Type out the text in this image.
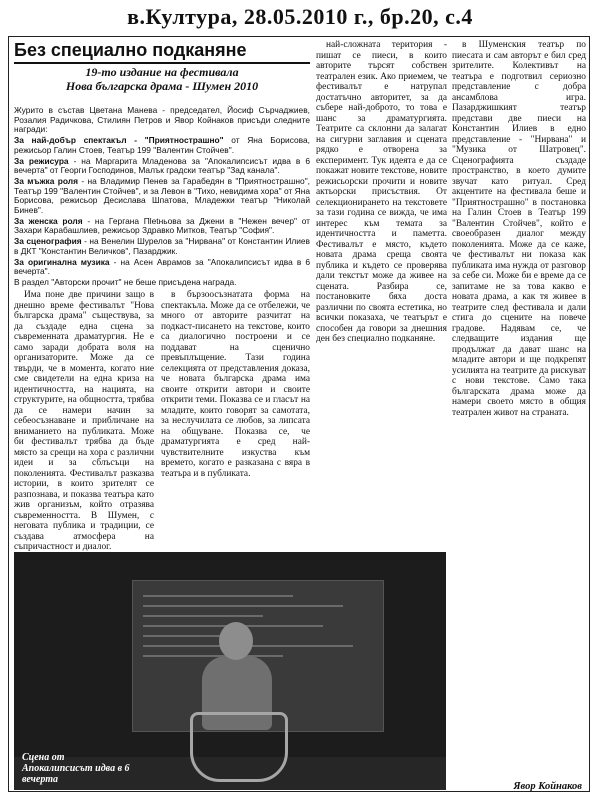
в.Култура, 28.05.2010 г., бр.20, с.4
Без специално подканяне
19-то издание на фестивала
Нова българска драма - Шумен 2010

Журито в състав Цветана Манева - председател, Йосиф Сърчаджиев, Розалия Радичкова, Стилиян Петров и Явор Койнаков присъди следните награди:

За най-добър спектакъл - "Приятнострашно" от Яна Борисова, режисьор Галин Стоев, Театър 199 "Валентин Стойчев".

За режисура - на Маргарита Младенова за "Апокалипсисът идва в 6 вечерта" от Георги Господинов, Малък градски театър "Зад канала".

За мъжка роля - на Владимир Пенев за Гарабедян в "Приятнострашно", Театър 199 "Валентин Стойчев", и за Левон в "Тихо, невидима хора" от Яна Борисова, режисьор Десислава Шпатова, Младежки театър "Николай Бинев".

За женска роля - на Гергана Пletньова за Джени в "Нежен вечер" от Захари Карабашлиев, режисьор Здравко Митков, Театър "София".

За сценография - на Венелин Шурелов за "Нирвана" от Константин Илиев в ДКТ "Константин Величков", Пазарджик.

За оригинална музика - на Асен Аврамов за "Апокалипсисът идва в 6 вечерта".

В раздел "Авторски прочит" не беше присъдена награда.

Има поне две причини защо в днешно време фестивалът "Нова българска драма" съществува, за да създаде една сцена за съвременната драматургия. Не е само заради добрата воля на организаторите. Може да се твърди, че в момента, когато ние сме свидетели на една криза на идентичността, на нацията, на структурите, на общността, трябва да се намери начин за себеосъзнаване и прибличане на вниманието на публиката. Може би фестивалът трябва да бъде място за срещи на хора с различни идеи и за сблъсъци на поколенията. Фестивалът разказва истории, в които зрителят се разпознава, и показва театъра като жив организъм, който отразява съвременността. В Шумен, с неговата публика и традиции, се създава атмосфера на съпричастност и диалог.

в бързоосъзнатата форма на спектакъла. Може да се отбележи, че много от авторите разчитат на подкаст-писането на текстове, които са диалогично построени и се поддават на сценично превъплъщение. Тази година селекцията от представления доказа, че новата българска драма има своите открити автори и своите открити теми. Показва се и гласът на младите, които говорят за самотата, за неслучилата се любов, за липсата на общуване. Показва се, че драматургията е сред най-чувствителните изкуства към времето, когато е разказана с вяра в театъра и в публиката.

най-сложната територия - пишат се пиеси, в които авторите търсят собствен театрален език. Ако приемем, че фестивалът е натрупал достатъчно авторитет, за да събере най-доброто, то това е шанс за драматургията. Театрите са склонни да залагат на сигурни заглавия и сцената рядко е отворена за експеримент. Тук идеята е да се покажат новите текстове, новите режисьорски прочити и новите актьорски присъствия. От селекционирането на текстовете за тази година се вижда, че има интерес към темата за идентичността и паметта. Фестивалът е място, където новата драма среща своята публика и където се проверява дали текстът може да живее на сцената. Разбира се, постановките бяха доста различни по своята естетика, но всички показаха, че театърът е способен да говори за днешния ден без специално подканяне.

в Шуменския театър по пиесата и сам авторът е бил сред зрителите. Колективът на театъра е подготвил сериозно представление с добра ансамблова игра. Пазарджишкият театър представи две пиеси на Константин Илиев в едно представление - "Нирвана" и "Музика от Шатровец". Сценографията създаде пространство, в което думите звучат като ритуал. Сред акцентите на фестивала беше и "Приятнострашно" в постановка на Галин Стоев в Театър 199 "Валентин Стойчев", който е своеобразен диалог между поколенията. Може да се каже, че фестивалът ни показа как публиката има нужда от разговор за себе си. Може би е време да се запитаме не за това какво е новата драма, а как тя живее в театрите след фестивала и дали стига до сцените на повече градове. Надявам се, че следващите издания ще продължат да дават шанс на младите автори и ще подкрепят усилията на театрите да рискуват с нови текстове. Само така българската драма може да намери своето място в общия театрален живот на страната.

Сцена от Апокалипсисът идва в 6 вечерта
Явор Койнаков
